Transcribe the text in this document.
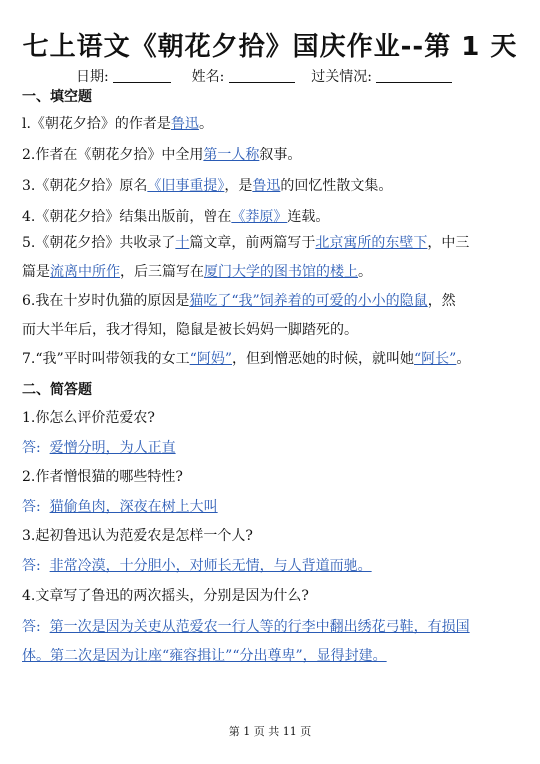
七上语文《朝花夕拾》国庆作业--第 1 天
日期:	姓名:	过关情况:
一、填空题
l.《朝花夕拾》的作者是鲁迅。
2.作者在《朝花夕拾》中全用第一人称叙事。
3.《朝花夕拾》原名《旧事重提》，是鲁迅的回忆性散文集。
4.《朝花夕拾》结集出版前，曾在《莽原》连载。
5.《朝花夕拾》共收录了十篇文章，前两篇写于北京寓所的东壁下，中三
篇是流离中所作，后三篇写在厦门大学的图书馆的楼上。
6.我在十岁时仇猫的原因是猫吃了“我”饲养着的可爱的小小的隐鼠，然
而大半年后，我才得知，隐鼠是被长妈妈一脚踏死的。
7.“我”平时叫带领我的女工“阿妈”，但到憎恶她的时候，就叫她“阿长”。
二、简答题
1.你怎么评价范爱农?
答: 爱憎分明，为人正直
2.作者憎恨猫的哪些特性?
答: 猫偷鱼肉，深夜在树上大叫
3.起初鲁迅认为范爱农是怎样一个人?
答: 非常冷漠，十分胆小，对师长无情，与人背道而驰。
4.文章写了鲁迅的两次摇头，分别是因为什么?
答: 第一次是因为关吏从范爱农一行人等的行李中翻出绣花弓鞋，有损国
体。第二次是因为让座“雍容揖让”“分出尊卑”，显得封建。
第 1 页 共 11 页
